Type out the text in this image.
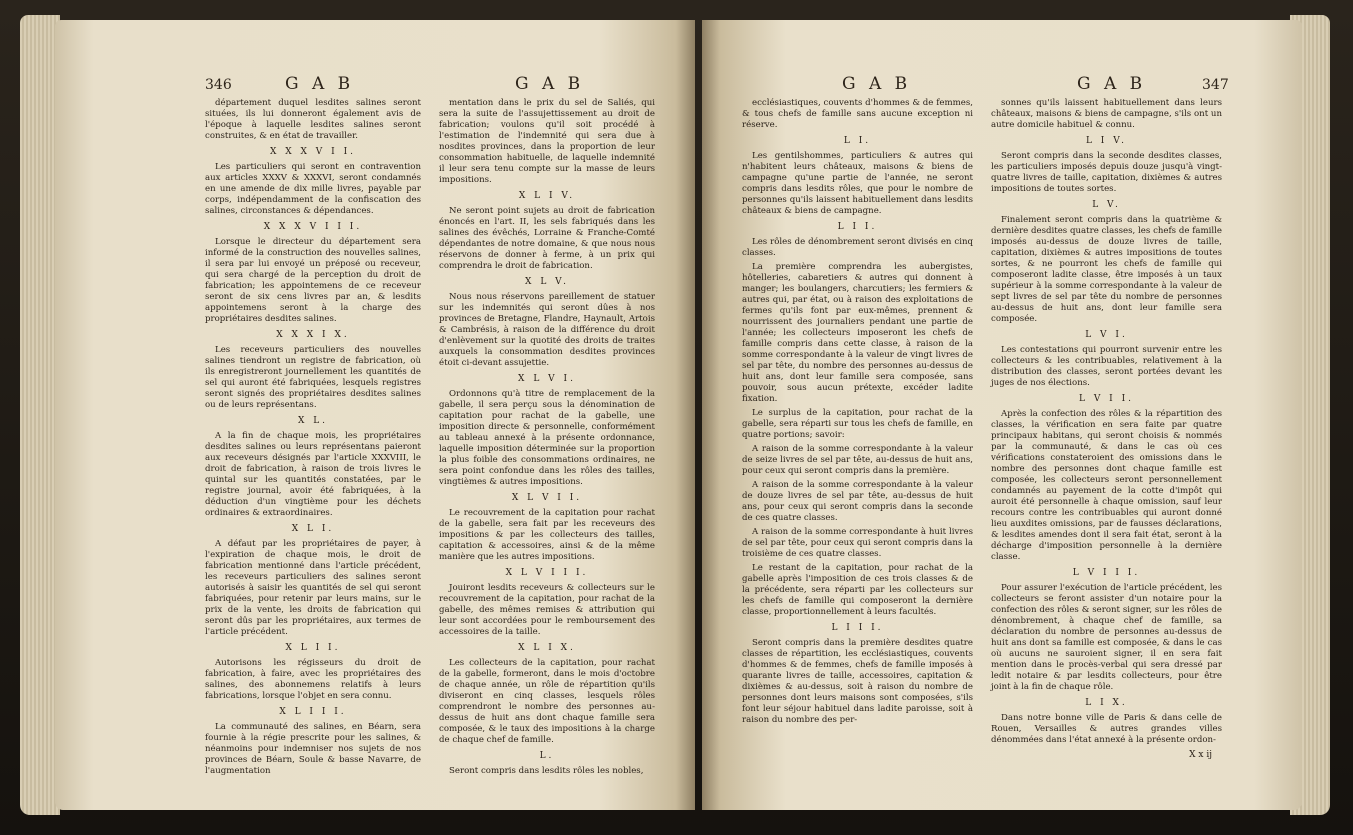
346	G A B	G A B

département duquel lesdites salines seront situées, ils lui donneront également avis de l'époque à laquelle lesdites salines seront construites, & en état de travailler.

X X X V I I.

Les particuliers qui seront en contravention aux articles XXXV & XXXVI, seront condamnés en une amende de dix mille livres, payable par corps, indépendamment de la confiscation des salines, circonstances & dépendances.

X X X V I I I.

Lorsque le directeur du département sera informé de la construction des nouvelles salines, il sera par lui envoyé un préposé ou receveur, qui sera chargé de la perception du droit de fabrication; les appointemens de ce receveur seront de six cens livres par an, & lesdits appointemens seront à la charge des propriétaires desdites salines.

X X X I X.

Les receveurs particuliers des nouvelles salines tiendront un registre de fabrication, où ils enregistreront journellement les quantités de sel qui auront été fabriquées, lesquels registres seront signés des propriétaires desdites salines ou de leurs représentans.

X L.

A la fin de chaque mois, les propriétaires desdites salines ou leurs représentans paieront aux receveurs désignés par l'article XXXVIII, le droit de fabrication, à raison de trois livres le quintal sur les quantités constatées, par le registre journal, avoir été fabriquées, à la déduction d'un vingtième pour les déchets ordinaires & extraordinaires.

X L I.

A défaut par les propriétaires de payer, à l'expiration de chaque mois, le droit de fabrication mentionné dans l'article précédent, les receveurs particuliers des salines seront autorisés à saisir les quantités de sel qui seront fabriquées, pour retenir par leurs mains, sur le prix de la vente, les droits de fabrication qui seront dûs par les propriétaires, aux termes de l'article précédent.

X L I I.

Autorisons les régisseurs du droit de fabrication, à faire, avec les propriétaires des salines, des abonnemens relatifs à leurs fabrications, lorsque l'objet en sera connu.

X L I I I.

La communauté des salines, en Béarn, sera fournie à la régie prescrite pour les salines, & néanmoins pour indemniser nos sujets de nos provinces de Béarn, Soule & basse Navarre, de l'augmentation

mentation dans le prix du sel de Saliés, qui sera la suite de l'assujettissement au droit de fabrication; voulons qu'il soit procédé à l'estimation de l'indemnité qui sera due à nosdites provinces, dans la proportion de leur consommation habituelle, de laquelle indemnité il leur sera tenu compte sur la masse de leurs impositions.

X L I V.

Ne seront point sujets au droit de fabrication énoncés en l'art. II, les sels fabriqués dans les salines des évêchés, Lorraine & Franche-Comté dépendantes de notre domaine, & que nous nous réservons de donner à ferme, à un prix qui comprendra le droit de fabrication.

X L V.

Nous nous réservons pareillement de statuer sur les indemnités qui seront dûes à nos provinces de Bretagne, Flandre, Haynault, Artois & Cambrésis, à raison de la différence du droit d'enlèvement sur la quotité des droits de traites auxquels la consommation desdites provinces étoit ci-devant assujettie.

X L V I.

Ordonnons qu'à titre de remplacement de la gabelle, il sera perçu sous la dénomination de capitation pour rachat de la gabelle, une imposition directe & personnelle, conformément au tableau annexé à la présente ordonnance, laquelle imposition déterminée sur la proportion la plus foible des consommations ordinaires, ne sera point confondue dans les rôles des tailles, vingtièmes & autres impositions.

X L V I I.

Le recouvrement de la capitation pour rachat de la gabelle, sera fait par les receveurs des impositions & par les collecteurs des tailles, capitation & accessoires, ainsi & de la même manière que les autres impositions.

X L V I I I.

Jouiront lesdits receveurs & collecteurs sur le recouvrement de la capitation, pour rachat de la gabelle, des mêmes remises & attribution qui leur sont accordées pour le remboursement des accessoires de la taille.

X L I X.

Les collecteurs de la capitation, pour rachat de la gabelle, formeront, dans le mois d'octobre de chaque année, un rôle de répartition qu'ils diviseront en cinq classes, lesquels rôles comprendront le nombre des personnes au-dessus de huit ans dont chaque famille sera composée, & le taux des impositions à la charge de chaque chef de famille.

L.

Seront compris dans lesdits rôles les nobles,

G A B	G A B	347

ecclésiastiques, couvents d'hommes & de femmes, & tous chefs de famille sans aucune exception ni réserve.

L I.

Les gentilshommes, particuliers & autres qui n'habitent leurs châteaux, maisons & biens de campagne qu'une partie de l'année, ne seront compris dans lesdits rôles, que pour le nombre de personnes qu'ils laissent habituellement dans lesdits châteaux & biens de campagne.

L I I.

Les rôles de dénombrement seront divisés en cinq classes.

La première comprendra les aubergistes, hôtelleries, cabaretiers & autres qui donnent à manger; les boulangers, charcutiers; les fermiers & autres qui, par état, ou à raison des exploitations de fermes qu'ils font par eux-mêmes, prennent & nourrissent des journaliers pendant une partie de l'année; les collecteurs imposeront les chefs de famille compris dans cette classe, à raison de la somme correspondante à la valeur de vingt livres de sel par tête, du nombre des personnes au-dessus de huit ans, dont leur famille sera composée, sans pouvoir, sous aucun prétexte, excéder ladite fixation.

Le surplus de la capitation, pour rachat de la gabelle, sera réparti sur tous les chefs de famille, en quatre portions; savoir:

A raison de la somme correspondante à la valeur de seize livres de sel par tête, au-dessus de huit ans, pour ceux qui seront compris dans la première.

A raison de la somme correspondante à la valeur de douze livres de sel par tête, au-dessus de huit ans, pour ceux qui seront compris dans la seconde de ces quatre classes.

A raison de la somme correspondante à huit livres de sel par tête, pour ceux qui seront compris dans la troisième de ces quatre classes.

Le restant de la capitation, pour rachat de la gabelle après l'imposition de ces trois classes & de la précédente, sera réparti par les collecteurs sur les chefs de famille qui composeront la dernière classe, proportionnellement à leurs facultés.

L I I I.

Seront compris dans la première desdites quatre classes de répartition, les ecclésiastiques, couvents d'hommes & de femmes, chefs de famille imposés à quarante livres de taille, accessoires, capitation & dixièmes & au-dessus, soit à raison du nombre de personnes dont leurs maisons sont composées, s'ils font leur séjour habituel dans ladite paroisse, soit à raison du nombre des per-

sonnes qu'ils laissent habituellement dans leurs châteaux, maisons & biens de campagne, s'ils ont un autre domicile habituel & connu.

L I V.

Seront compris dans la seconde desdites classes, les particuliers imposés depuis douze jusqu'à vingt-quatre livres de taille, capitation, dixièmes & autres impositions de toutes sortes.

L V.

Finalement seront compris dans la quatrième & dernière desdites quatre classes, les chefs de famille imposés au-dessus de douze livres de taille, capitation, dixièmes & autres impositions de toutes sortes, & ne pourront les chefs de famille qui composeront ladite classe, être imposés à un taux supérieur à la somme correspondante à la valeur de sept livres de sel par tête du nombre de personnes au-dessus de huit ans, dont leur famille sera composée.

L V I.

Les contestations qui pourront survenir entre les collecteurs & les contribuables, relativement à la distribution des classes, seront portées devant les juges de nos élections.

L V I I.

Après la confection des rôles & la répartition des classes, la vérification en sera faite par quatre principaux habitans, qui seront choisis & nommés par la communauté, & dans le cas où ces vérifications constateroient des omissions dans le nombre des personnes dont chaque famille est composée, les collecteurs seront personnellement condamnés au payement de la cotte d'impôt qui auroit été personnelle à chaque omission, sauf leur recours contre les contribuables qui auront donné lieu auxdites omissions, par de fausses déclarations, & lesdites amendes dont il sera fait état, seront à la décharge d'imposition personnelle à la dernière classe.

L V I I I.

Pour assurer l'exécution de l'article précédent, les collecteurs se feront assister d'un notaire pour la confection des rôles & seront signer, sur les rôles de dénombrement, à chaque chef de famille, sa déclaration du nombre de personnes au-dessus de huit ans dont sa famille est composée, & dans le cas où aucuns ne sauroient signer, il en sera fait mention dans le procès-verbal qui sera dressé par ledit notaire & par lesdits collecteurs, pour être joint à la fin de chaque rôle.

L I X.

Dans notre bonne ville de Paris & dans celle de Rouen, Versailles & autres grandes villes dénommées dans l'état annexé à la présente ordon-

X x ij
